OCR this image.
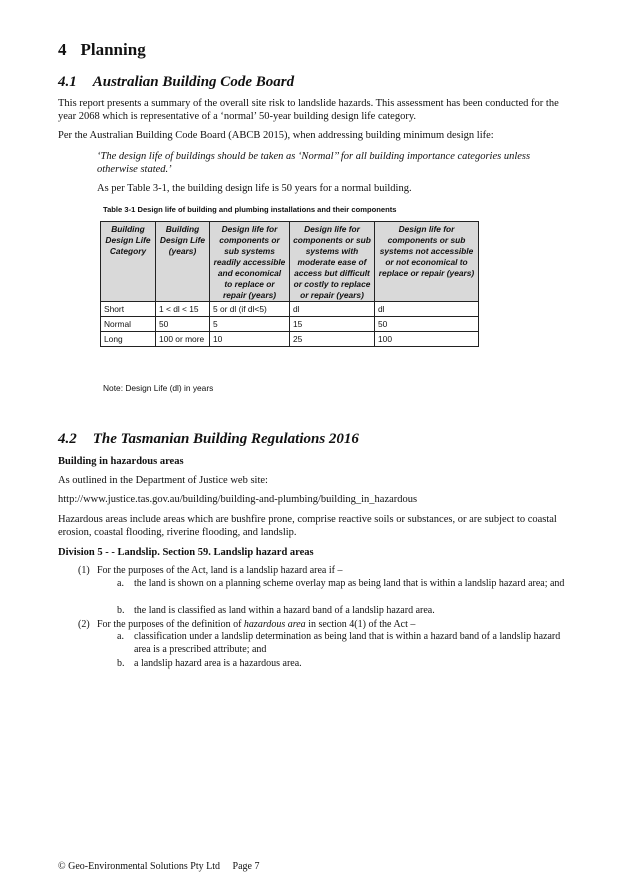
4 Planning
4.1 Australian Building Code Board

This report presents a summary of the overall site risk to landslide hazards. This assessment has been conducted for the year 2068 which is representative of a ‘normal’ 50-year building design life category.

Per the Australian Building Code Board (ABCB 2015), when addressing building minimum design life:

‘The design life of buildings should be taken as ‘Normal’’ for all building importance categories unless otherwise stated.’

As per Table 3-1, the building design life is 50 years for a normal building.

Table 3-1 Design life of building and plumbing installations and their components

Building Design Life Category	Building Design Life (years)	Design life for components or sub systems readily accessible and economical to replace or repair (years)	Design life for components or sub systems with moderate ease of access but difficult or costly to replace or repair (years)	Design life for components or sub systems not accessible or not economical to replace or repair (years)
Short	1 < dl < 15	5 or dl (if dl<5)	dl	dl
Normal	50	5	15	50
Long	100 or more	10	25	100

Note: Design Life (dl) in years

4.2 The Tasmanian Building Regulations 2016

Building in hazardous areas

As outlined in the Department of Justice web site:

http://www.justice.tas.gov.au/building/building-and-plumbing/building_in_hazardous

Hazardous areas include areas which are bushfire prone, comprise reactive soils or substances, or are subject to coastal erosion, coastal flooding, riverine flooding, and landslip.

Division 5 - - Landslip. Section 59. Landslip hazard areas

(1) For the purposes of the Act, land is a landslip hazard area if –

a. the land is shown on a planning scheme overlay map as being land that is within a landslip hazard area; and

b. the land is classified as land within a hazard band of a landslip hazard area.

(2) For the purposes of the definition of hazardous area in section 4(1) of the Act –

a. classification under a landslip determination as being land that is within a hazard band of a landslip hazard area is a prescribed attribute; and

b. a landslip hazard area is a hazardous area.

© Geo-Environmental Solutions Pty Ltd Page 7
